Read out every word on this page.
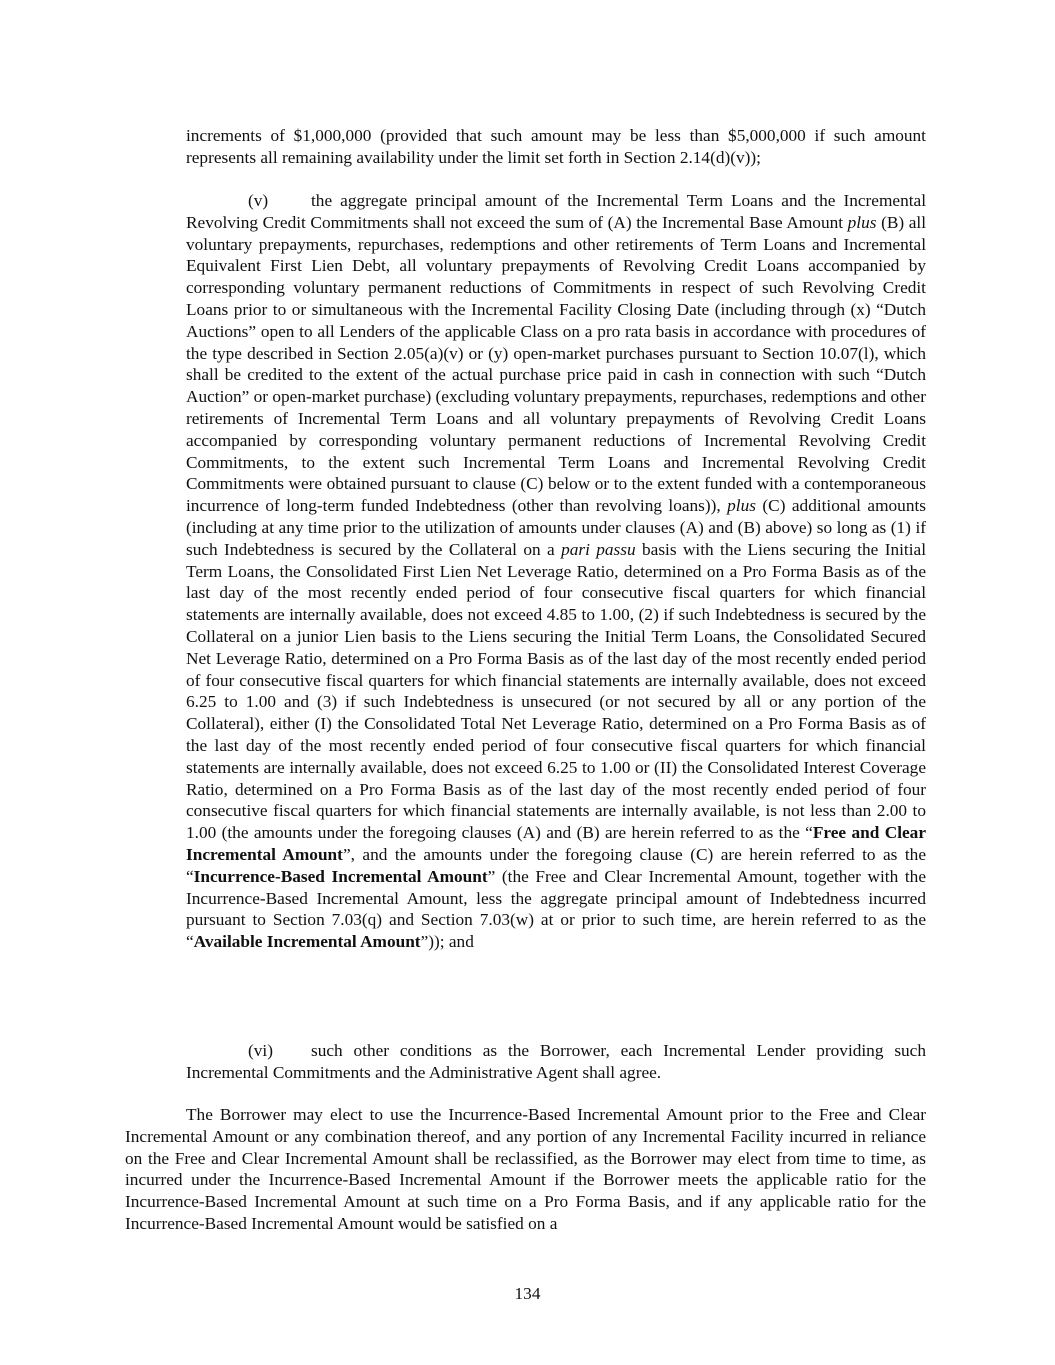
increments of $1,000,000 (provided that such amount may be less than $5,000,000 if such amount represents all remaining availability under the limit set forth in Section 2.14(d)(v));

(v) the aggregate principal amount of the Incremental Term Loans and the Incremental Revolving Credit Commitments shall not exceed the sum of (A) the Incremental Base Amount plus (B) all voluntary prepayments, repurchases, redemptions and other retirements of Term Loans and Incremental Equivalent First Lien Debt, all voluntary prepayments of Revolving Credit Loans accompanied by corresponding voluntary permanent reductions of Commitments in respect of such Revolving Credit Loans prior to or simultaneous with the Incremental Facility Closing Date (including through (x) “Dutch Auctions” open to all Lenders of the applicable Class on a pro rata basis in accordance with procedures of the type described in Section 2.05(a)(v) or (y) open-market purchases pursuant to Section 10.07(l), which shall be credited to the extent of the actual purchase price paid in cash in connection with such “Dutch Auction” or open-market purchase) (excluding voluntary prepayments, repurchases, redemptions and other retirements of Incremental Term Loans and all voluntary prepayments of Revolving Credit Loans accompanied by corresponding voluntary permanent reductions of Incremental Revolving Credit Commitments, to the extent such Incremental Term Loans and Incremental Revolving Credit Commitments were obtained pursuant to clause (C) below or to the extent funded with a contemporaneous incurrence of long-term funded Indebtedness (other than revolving loans)), plus (C) additional amounts (including at any time prior to the utilization of amounts under clauses (A) and (B) above) so long as (1) if such Indebtedness is secured by the Collateral on a pari passu basis with the Liens securing the Initial Term Loans, the Consolidated First Lien Net Leverage Ratio, determined on a Pro Forma Basis as of the last day of the most recently ended period of four consecutive fiscal quarters for which financial statements are internally available, does not exceed 4.85 to 1.00, (2) if such Indebtedness is secured by the Collateral on a junior Lien basis to the Liens securing the Initial Term Loans, the Consolidated Secured Net Leverage Ratio, determined on a Pro Forma Basis as of the last day of the most recently ended period of four consecutive fiscal quarters for which financial statements are internally available, does not exceed 6.25 to 1.00 and (3) if such Indebtedness is unsecured (or not secured by all or any portion of the Collateral), either (I) the Consolidated Total Net Leverage Ratio, determined on a Pro Forma Basis as of the last day of the most recently ended period of four consecutive fiscal quarters for which financial statements are internally available, does not exceed 6.25 to 1.00 or (II) the Consolidated Interest Coverage Ratio, determined on a Pro Forma Basis as of the last day of the most recently ended period of four consecutive fiscal quarters for which financial statements are internally available, is not less than 2.00 to 1.00 (the amounts under the foregoing clauses (A) and (B) are herein referred to as the “Free and Clear Incremental Amount”, and the amounts under the foregoing clause (C) are herein referred to as the “Incurrence-Based Incremental Amount” (the Free and Clear Incremental Amount, together with the Incurrence-Based Incremental Amount, less the aggregate principal amount of Indebtedness incurred pursuant to Section 7.03(q) and Section 7.03(w) at or prior to such time, are herein referred to as the “Available Incremental Amount”)); and

(vi) such other conditions as the Borrower, each Incremental Lender providing such Incremental Commitments and the Administrative Agent shall agree.

The Borrower may elect to use the Incurrence-Based Incremental Amount prior to the Free and Clear Incremental Amount or any combination thereof, and any portion of any Incremental Facility incurred in reliance on the Free and Clear Incremental Amount shall be reclassified, as the Borrower may elect from time to time, as incurred under the Incurrence-Based Incremental Amount if the Borrower meets the applicable ratio for the Incurrence-Based Incremental Amount at such time on a Pro Forma Basis, and if any applicable ratio for the Incurrence-Based Incremental Amount would be satisfied on a

134
